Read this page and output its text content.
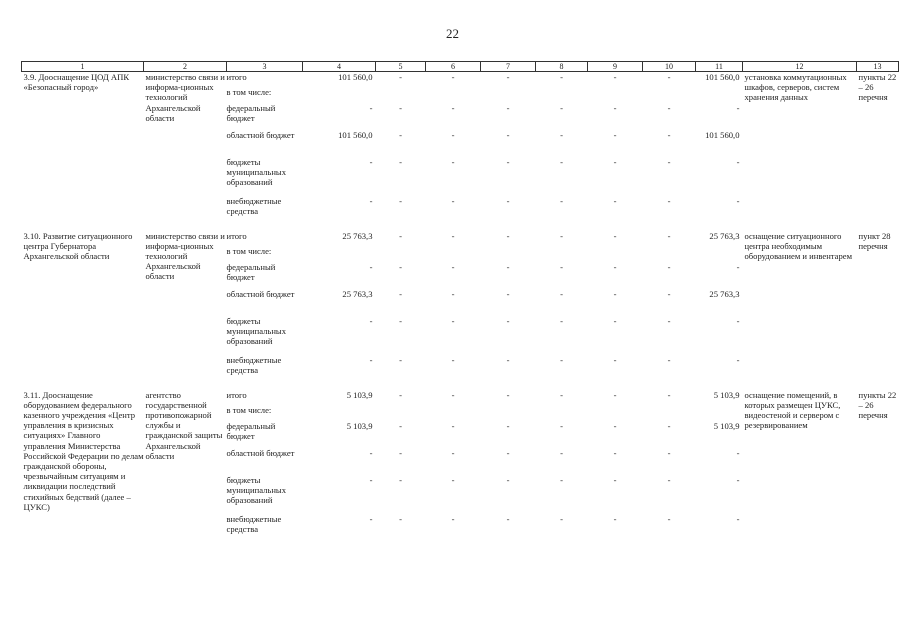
22
1	2	3	4	5	6	7	8	9	10	11	12	13
3.9. Дооснащение ЦОД АПК «Безопасный город»	министерство связи и информа-ционных технологий Архангельской области	итого	101 560,0	-	-	-	-	-	-	101 560,0	установка коммутационных шкафов, серверов, систем хранения данных	пункты 22 – 26 перечня
		в том числе:										
		федеральный бюджет	-	-	-	-	-	-	-	-		
		областной бюджет	101 560,0	-	-	-	-	-	-	101 560,0		
		бюджеты муниципальных образований	-	-	-	-	-	-	-	-		
		внебюджетные средства	-	-	-	-	-	-	-	-		

3.10. Развитие ситуационного центра Губернатора Архангельской области	министерство связи и информа-ционных технологий Архангельской области	итого	25 763,3	-	-	-	-	-	-	25 763,3	оснащение ситуационного центра необходимым оборудованием и инвентарем	пункт 28 перечня
		в том числе:										
		федеральный бюджет	-	-	-	-	-	-	-	-		
		областной бюджет	25 763,3	-	-	-	-	-	-	25 763,3		
		бюджеты муниципальных образований	-	-	-	-	-	-	-	-		
		внебюджетные средства	-	-	-	-	-	-	-	-		

3.11. Дооснащение оборудованием федерального казенного учреждения «Центр управления в кризисных ситуациях» Главного управления Министерства Российской Федерации по делам гражданской обороны, чрезвычайным ситуациям и ликвидации последствий стихийных бедствий (далее – ЦУКС)	агентство государственной противопожарной службы и гражданской защиты Архангельской области	итого	5 103,9	-	-	-	-	-	-	5 103,9	оснащение помещений, в которых размещен ЦУКС, видеостеной и сервером с резервированием	пункты 22 – 26 перечня
		в том числе:										
		федеральный бюджет	5 103,9	-	-	-	-	-	-	5 103,9		
		областной бюджет	-	-	-	-	-	-	-	-		
		бюджеты муниципальных образований	-	-	-	-	-	-	-	-		
		внебюджетные средства	-	-	-	-	-	-	-	-		
